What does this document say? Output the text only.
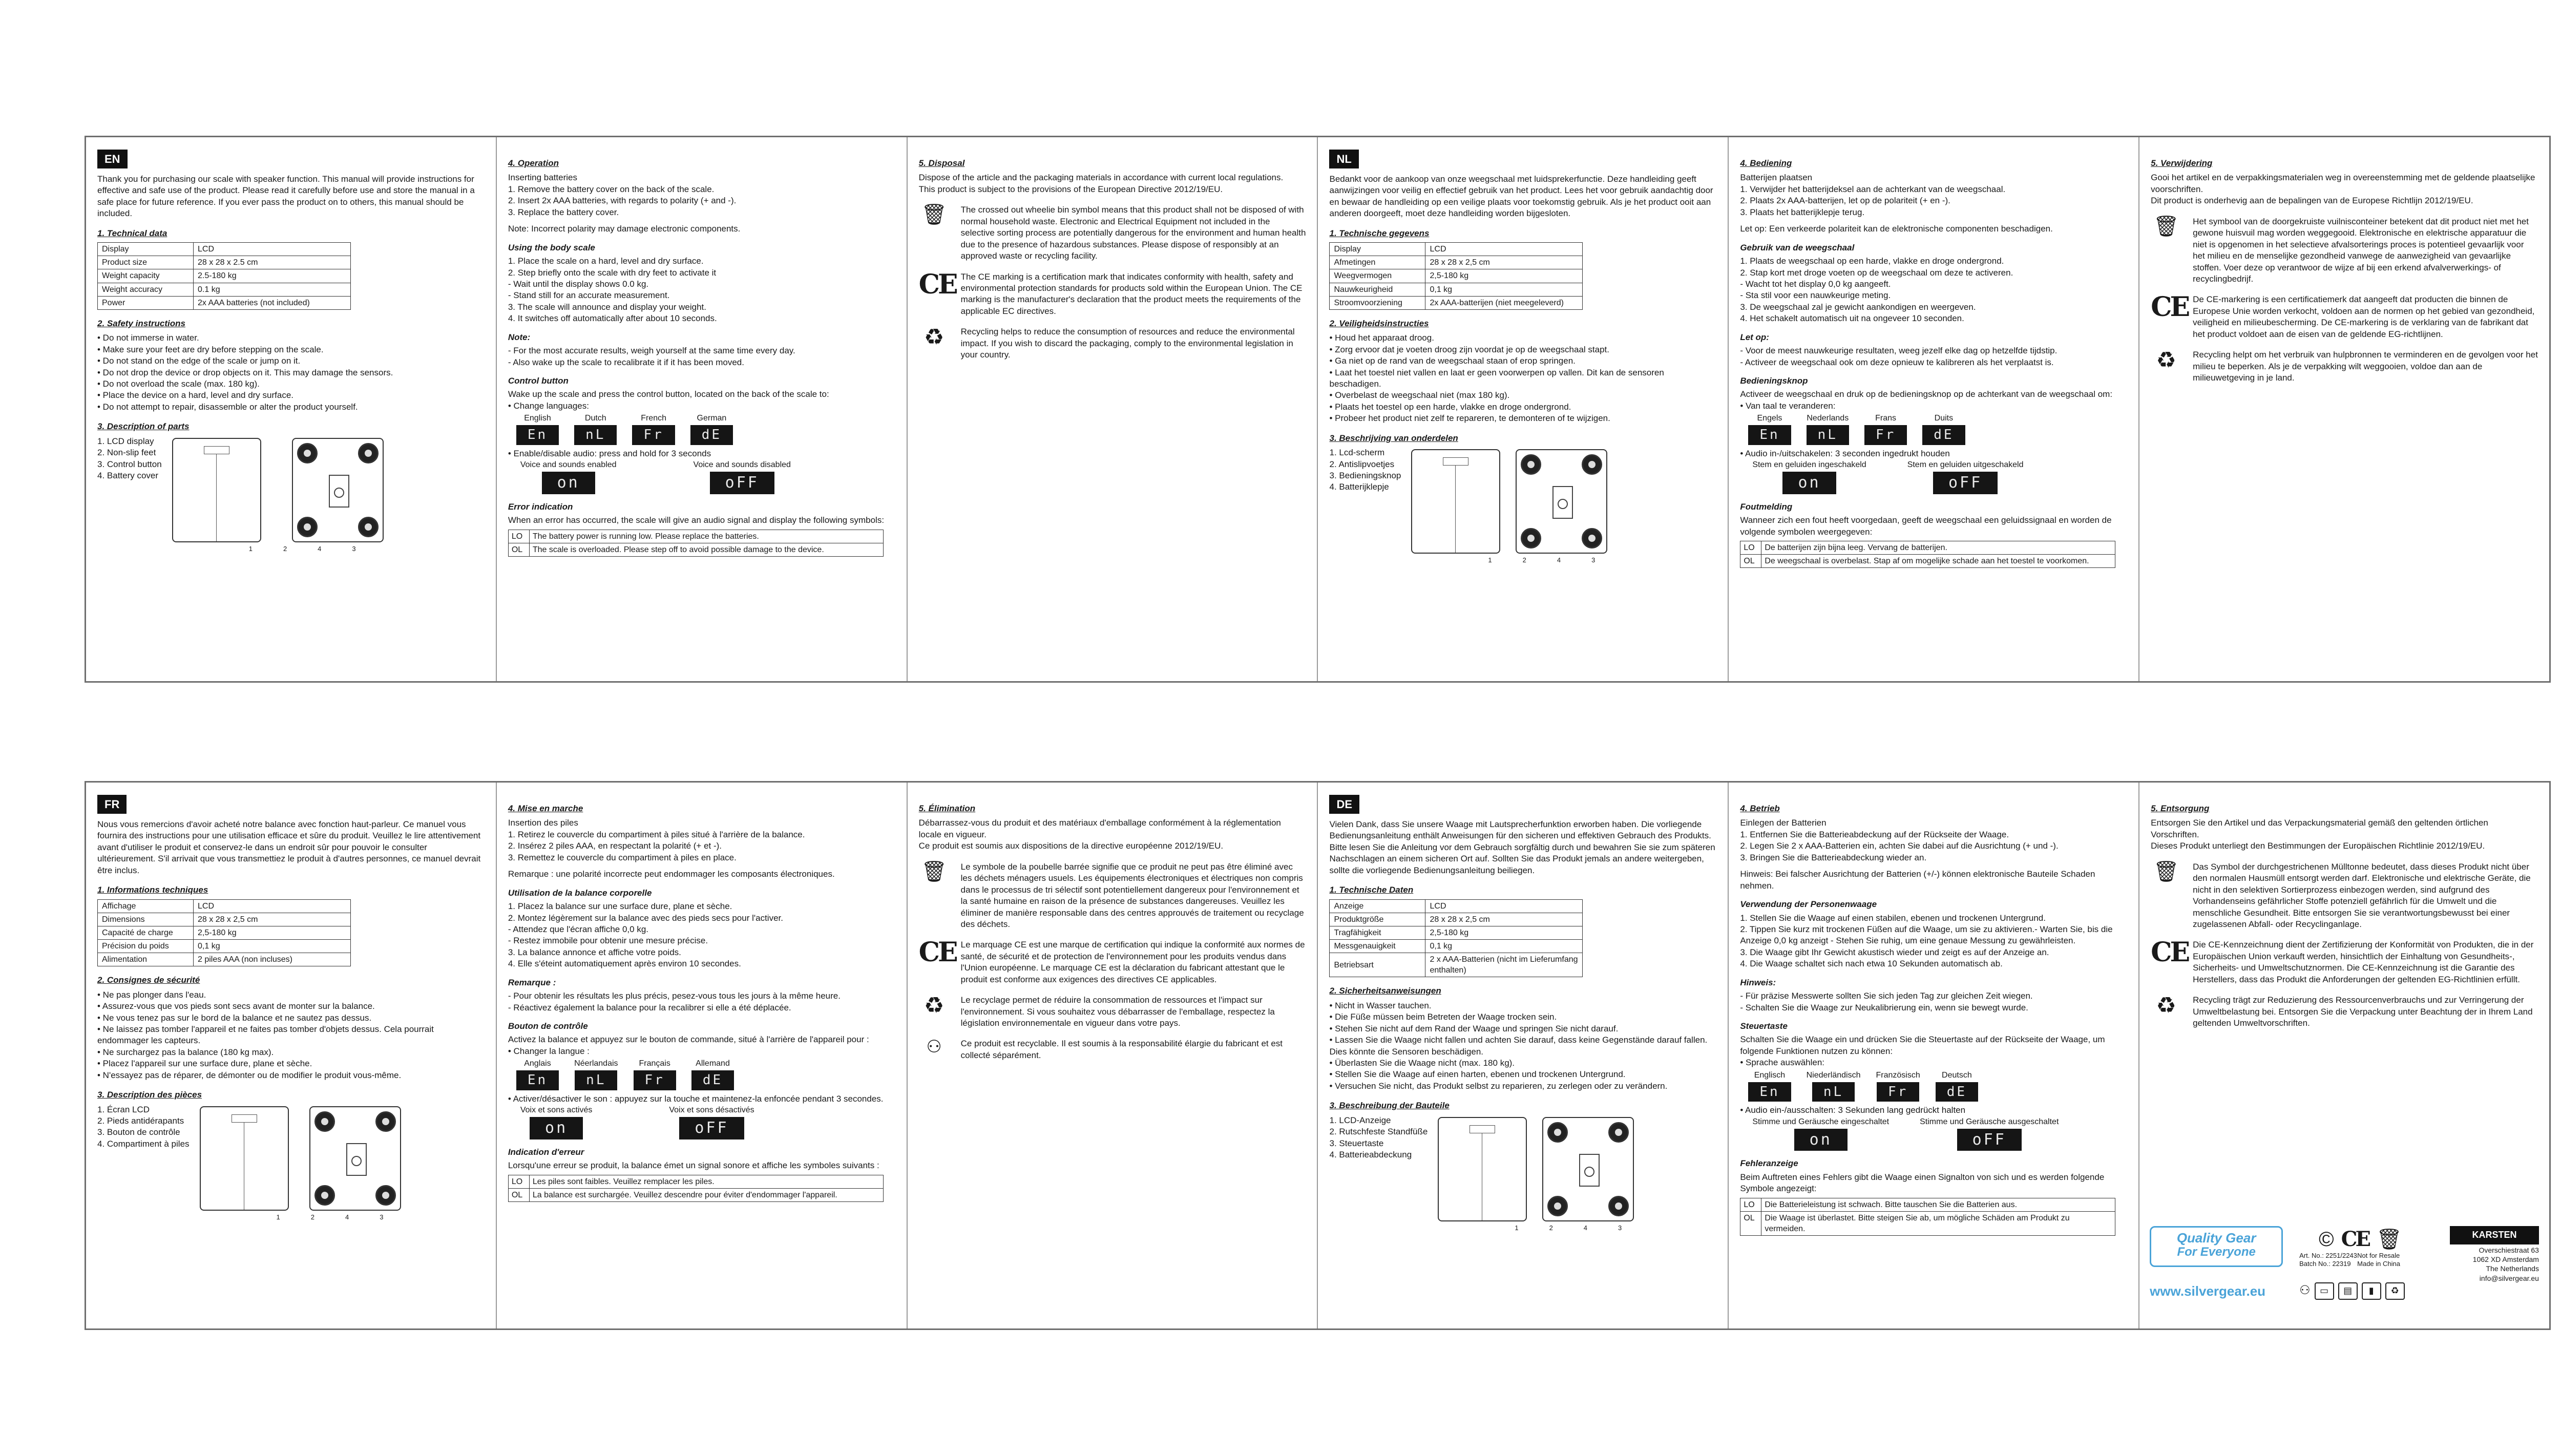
EN

Thank you for purchasing our scale with speaker function. This manual will provide instructions for effective and safe use of the product. Please read it carefully before use and store the manual in a safe place for future reference. If you ever pass the product on to others, this manual should be included.

1. Technical data
Display	LCD
Product size	28 x 28 x 2.5 cm
Weight capacity	2.5-180 kg
Weight accuracy	0.1 kg
Power	2x AAA batteries (not included)
2. Safety instructions
• Do not immerse in water.
• Make sure your feet are dry before stepping on the scale.
• Do not stand on the edge of the scale or jump on it.
• Do not drop the device or drop objects on it. This may damage the sensors.
• Do not overload the scale (max. 180 kg).
• Place the device on a hard, level and dry surface.
• Do not attempt to repair, disassemble or alter the product yourself.
3. Description of parts
1. LCD display
2. Non-slip feet
3. Control button
4. Battery cover
1	2	4	3
4. Operation
Inserting batteries
1. Remove the battery cover on the back of the scale.
2. Insert 2x AAA batteries, with regards to polarity (+ and -).
3. Replace the battery cover.

Note: Incorrect polarity may damage electronic components.

Using the body scale
1. Place the scale on a hard, level and dry surface.
2. Step briefly onto the scale with dry feet to activate it
- Wait until the display shows 0.0 kg.
- Stand still for an accurate measurement.
3. The scale will announce and display your weight.
4. It switches off automatically after about 10 seconds.
Note:
- For the most accurate results, weigh yourself at the same time every day.
- Also wake up the scale to recalibrate it if it has been moved.
Control button
Wake up the scale and press the control button, located on the back of the scale to:
• Change languages:
English
En
Dutch
nL
French
Fr
German
dE
• Enable/disable audio: press and hold for 3 seconds
Voice and sounds enabled
on
Voice and sounds disabled
oFF
Error indication
When an error has occurred, the scale will give an audio signal and display the following symbols:
LO	The battery power is running low. Please replace the batteries.
OL	The scale is overloaded. Please step off to avoid possible damage to the device.
5. Disposal
Dispose of the article and the packaging materials in accordance with current local regulations.
This product is subject to the provisions of the European Directive 2012/19/EU.
🗑 The crossed out wheelie bin symbol means that this product shall not be disposed of with normal household waste. Electronic and Electrical Equipment not included in the selective sorting process are potentially dangerous for the environment and human health due to the presence of hazardous substances. Please dispose of responsibly at an approved waste or recycling facility.
CE The CE marking is a certification mark that indicates conformity with health, safety and environmental protection standards for products sold within the European Union. The CE marking is the manufacturer's declaration that the product meets the requirements of the applicable EC directives.
♻	Recycling helps to reduce the consumption of resources and reduce the environmental impact. If you wish to discard the packaging, comply to the environmental legislation in your country.
NL

Bedankt voor de aankoop van onze weegschaal met luidsprekerfunctie. Deze handleiding geeft aanwijzingen voor veilig en effectief gebruik van het product. Lees het voor gebruik aandachtig door en bewaar de handleiding op een veilige plaats voor toekomstig gebruik. Als je het product ooit aan anderen doorgeeft, moet deze handleiding worden bijgesloten.

1. Technische gegevens
Display	LCD
Afmetingen	28 x 28 x 2,5 cm
Weegvermogen	2,5-180 kg
Nauwkeurigheid	0,1 kg
Stroomvoorziening	2x AAA-batterijen (niet meegeleverd)
2. Veiligheidsinstructies
• Houd het apparaat droog.
• Zorg ervoor dat je voeten droog zijn voordat je op de weegschaal stapt.
• Ga niet op de rand van de weegschaal staan of erop springen.
• Laat het toestel niet vallen en laat er geen voorwerpen op vallen. Dit kan de sensoren beschadigen.
• Overbelast de weegschaal niet (max 180 kg).
• Plaats het toestel op een harde, vlakke en droge ondergrond.
• Probeer het product niet zelf te repareren, te demonteren of te wijzigen.
3. Beschrijving van onderdelen
1. Lcd-scherm
2. Antislipvoetjes
3. Bedieningsknop
4. Batterijklepje
1	2	4	3
4. Bediening
Batterijen plaatsen
1. Verwijder het batterijdeksel aan de achterkant van de weegschaal.
2. Plaats 2x AAA-batterijen, let op de polariteit (+ en -).
3. Plaats het batterijklepje terug.

Let op: Een verkeerde polariteit kan de elektronische componenten beschadigen.

Gebruik van de weegschaal
1. Plaats de weegschaal op een harde, vlakke en droge ondergrond.
2. Stap kort met droge voeten op de weegschaal om deze te activeren.
- Wacht tot het display 0,0 kg aangeeft.
- Sta stil voor een nauwkeurige meting.
3. De weegschaal zal je gewicht aankondigen en weergeven.
4. Het schakelt automatisch uit na ongeveer 10 seconden.
Let op:
- Voor de meest nauwkeurige resultaten, weeg jezelf elke dag op hetzelfde tijdstip.
- Activeer de weegschaal ook om deze opnieuw te kalibreren als het verplaatst is.
Bedieningsknop
Activeer de weegschaal en druk op de bedieningsknop op de achterkant van de weegschaal om:
• Van taal te veranderen:
Engels
En
Nederlands
nL
Frans
Fr
Duits
dE
• Audio in-/uitschakelen: 3 seconden ingedrukt houden
Stem en geluiden ingeschakeld
on
Stem en geluiden uitgeschakeld
oFF
Foutmelding
Wanneer zich een fout heeft voorgedaan, geeft de weegschaal een geluidssignaal en worden de volgende symbolen weergegeven:
LO	De batterijen zijn bijna leeg. Vervang de batterijen.
OL	De weegschaal is overbelast. Stap af om mogelijke schade aan het toestel te voorkomen.
5. Verwijdering
Gooi het artikel en de verpakkingsmaterialen weg in overeenstemming met de geldende plaatselijke voorschriften.
Dit product is onderhevig aan de bepalingen van de Europese Richtlijn 2012/19/EU.
🗑 Het symbool van de doorgekruiste vuilnisconteiner betekent dat dit product niet met het gewone huisvuil mag worden weggegooid. Elektronische en elektrische apparatuur die niet is opgenomen in het selectieve afvalsorterings proces is potentieel gevaarlijk voor het milieu en de menselijke gezondheid vanwege de aanwezigheid van gevaarlijke stoffen. Voer deze op verantwoor de wijze af bij een erkend afvalverwerkings- of recyclingbedrijf.
CE De CE-markering is een certificatiemerk dat aangeeft dat producten die binnen de Europese Unie worden verkocht, voldoen aan de normen op het gebied van gezondheid, veiligheid en milieubescherming. De CE-markering is de verklaring van de fabrikant dat het product voldoet aan de eisen van de geldende EG-richtlijnen.
♻	Recycling helpt om het verbruik van hulpbronnen te verminderen en de gevolgen voor het milieu te beperken. Als je de verpakking wilt weggooien, voldoe dan aan de milieuwetgeving in je land.
FR

Nous vous remercions d'avoir acheté notre balance avec fonction haut-parleur. Ce manuel vous fournira des instructions pour une utilisation efficace et sûre du produit. Veuillez le lire attentivement avant d'utiliser le produit et conservez-le dans un endroit sûr pour pouvoir le consulter ultérieurement. S'il arrivait que vous transmettiez le produit à d'autres personnes, ce manuel devrait être inclus.

1. Informations techniques
Affichage	LCD
Dimensions	28 x 28 x 2,5 cm
Capacité de charge	2,5-180 kg
Précision du poids	0,1 kg
Alimentation	2 piles AAA (non incluses)
2. Consignes de sécurité
• Ne pas plonger dans l'eau.
• Assurez-vous que vos pieds sont secs avant de monter sur la balance.
• Ne vous tenez pas sur le bord de la balance et ne sautez pas dessus.
• Ne laissez pas tomber l'appareil et ne faites pas tomber d'objets dessus. Cela pourrait endommager les capteurs.
• Ne surchargez pas la balance (180 kg max).
• Placez l'appareil sur une surface dure, plane et sèche.
• N'essayez pas de réparer, de démonter ou de modifier le produit vous-même.
3. Description des pièces
1. Écran LCD
2. Pieds antidérapants
3. Bouton de contrôle
4. Compartiment à piles
1	2	4	3
4. Mise en marche
Insertion des piles
1. Retirez le couvercle du compartiment à piles situé à l'arrière de la balance.
2. Insérez 2 piles AAA, en respectant la polarité (+ et -).
3. Remettez le couvercle du compartiment à piles en place.

Remarque : une polarité incorrecte peut endommager les composants électroniques.

Utilisation de la balance corporelle
1. Placez la balance sur une surface dure, plane et sèche.
2. Montez légèrement sur la balance avec des pieds secs pour l'activer.
- Attendez que l'écran affiche 0,0 kg.
- Restez immobile pour obtenir une mesure précise.
3. La balance annonce et affiche votre poids.
4. Elle s'éteint automatiquement après environ 10 secondes.
Remarque :
- Pour obtenir les résultats les plus précis, pesez-vous tous les jours à la même heure.
- Réactivez également la balance pour la recalibrer si elle a été déplacée.
Bouton de contrôle
Activez la balance et appuyez sur le bouton de commande, situé à l'arrière de l'appareil pour :
• Changer la langue :
Anglais
En
Néerlandais
nL
Français
Fr
Allemand
dE
• Activer/désactiver le son : appuyez sur la touche et maintenez-la enfoncée pendant 3 secondes.
Voix et sons activés
on
Voix et sons désactivés
oFF
Indication d'erreur
Lorsqu'une erreur se produit, la balance émet un signal sonore et affiche les symboles suivants :
LO	Les piles sont faibles. Veuillez remplacer les piles.
OL	La balance est surchargée. Veuillez descendre pour éviter d'endommager l'appareil.
5. Élimination
Débarrassez-vous du produit et des matériaux d'emballage conformément à la réglementation locale en vigueur.
Ce produit est soumis aux dispositions de la directive européenne 2012/19/EU.
🗑 Le symbole de la poubelle barrée signifie que ce produit ne peut pas être éliminé avec les déchets ménagers usuels. Les équipements électroniques et électriques non compris dans le processus de tri sélectif sont potentiellement dangereux pour l'environnement et la santé humaine en raison de la présence de substances dangereuses. Veuillez les éliminer de manière responsable dans des centres approuvés de traitement ou recyclage des déchets.
CE Le marquage CE est une marque de certification qui indique la conformité aux normes de santé, de sécurité et de protection de l'environnement pour les produits vendus dans l'Union européenne. Le marquage CE est la déclaration du fabricant attestant que le produit est conforme aux exigences des directives CE applicables.
♻	Le recyclage permet de réduire la consommation de ressources et l'impact sur l'environnement. Si vous souhaitez vous débarrasser de l'emballage, respectez la législation environnementale en vigueur dans votre pays.
⚇	Ce produit est recyclable. Il est soumis à la responsabilité élargie du fabricant et est collecté séparément.
DE

Vielen Dank, dass Sie unsere Waage mit Lautsprecherfunktion erworben haben. Die vorliegende Bedienungsanleitung enthält Anweisungen für den sicheren und effektiven Gebrauch des Produkts. Bitte lesen Sie die Anleitung vor dem Gebrauch sorgfältig durch und bewahren Sie sie zum späteren Nachschlagen an einem sicheren Ort auf. Sollten Sie das Produkt jemals an andere weitergeben, sollte die vorliegende Bedienungsanleitung beiliegen.

1. Technische Daten
Anzeige	LCD
Produktgröße	28 x 28 x 2,5 cm
Tragfähigkeit	2,5-180 kg
Messgenauigkeit	0,1 kg
Betriebsart	2 x AAA-Batterien (nicht im Lieferumfang enthalten)
2. Sicherheitsanweisungen
• Nicht in Wasser tauchen.
• Die Füße müssen beim Betreten der Waage trocken sein.
• Stehen Sie nicht auf dem Rand der Waage und springen Sie nicht darauf.
• Lassen Sie die Waage nicht fallen und achten Sie darauf, dass keine Gegenstände darauf fallen. Dies könnte die Sensoren beschädigen.
• Überlasten Sie die Waage nicht (max. 180 kg).
• Stellen Sie die Waage auf einen harten, ebenen und trockenen Untergrund.
• Versuchen Sie nicht, das Produkt selbst zu reparieren, zu zerlegen oder zu verändern.
3. Beschreibung der Bauteile
1. LCD-Anzeige
2. Rutschfeste Standfüße
3. Steuertaste
4. Batterieabdeckung
1	2	4	3
4. Betrieb
Einlegen der Batterien
1. Entfernen Sie die Batterieabdeckung auf der Rückseite der Waage.
2. Legen Sie 2 x AAA-Batterien ein, achten Sie dabei auf die Ausrichtung (+ und -).
3. Bringen Sie die Batterieabdeckung wieder an.

Hinweis: Bei falscher Ausrichtung der Batterien (+/-) können elektronische Bauteile Schaden nehmen.

Verwendung der Personenwaage
1. Stellen Sie die Waage auf einen stabilen, ebenen und trockenen Untergrund.
2. Tippen Sie kurz mit trockenen Füßen auf die Waage, um sie zu aktivieren.- Warten Sie, bis die Anzeige 0,0 kg anzeigt - Stehen Sie ruhig, um eine genaue Messung zu gewährleisten.
3. Die Waage gibt Ihr Gewicht akustisch wieder und zeigt es auf der Anzeige an.
4. Die Waage schaltet sich nach etwa 10 Sekunden automatisch ab.
Hinweis:
- Für präzise Messwerte sollten Sie sich jeden Tag zur gleichen Zeit wiegen.
- Schalten Sie die Waage zur Neukalibrierung ein, wenn sie bewegt wurde.
Steuertaste
Schalten Sie die Waage ein und drücken Sie die Steuertaste auf der Rückseite der Waage, um folgende Funktionen nutzen zu können:
• Sprache auswählen:
Englisch
En
Niederländisch
nL
Französisch
Fr
Deutsch
dE
• Audio ein-/ausschalten: 3 Sekunden lang gedrückt halten
Stimme und Geräusche eingeschaltet
on
Stimme und Geräusche ausgeschaltet
oFF
Fehleranzeige
Beim Auftreten eines Fehlers gibt die Waage einen Signalton von sich und es werden folgende Symbole angezeigt:
LO	Die Batterieleistung ist schwach. Bitte tauschen Sie die Batterien aus.
OL	Die Waage ist überlastet. Bitte steigen Sie ab, um mögliche Schäden am Produkt zu vermeiden.
5. Entsorgung
Entsorgen Sie den Artikel und das Verpackungsmaterial gemäß den geltenden örtlichen Vorschriften.
Dieses Produkt unterliegt den Bestimmungen der Europäischen Richtlinie 2012/19/EU.
🗑 Das Symbol der durchgestrichenen Mülltonne bedeutet, dass dieses Produkt nicht über den normalen Hausmüll entsorgt werden darf. Elektronische und elektrische Geräte, die nicht in den selektiven Sortierprozess einbezogen werden, sind aufgrund des Vorhandenseins gefährlicher Stoffe potenziell gefährlich für die Umwelt und die menschliche Gesundheit. Bitte entsorgen Sie sie verantwortungsbewusst bei einer zugelassenen Abfall- oder Recyclinganlage.
CE Die CE-Kennzeichnung dient der Zertifizierung der Konformität von Produkten, die in der Europäischen Union verkauft werden, hinsichtlich der Einhaltung von Gesundheits-, Sicherheits- und Umweltschutznormen. Die CE-Kennzeichnung ist die Garantie des Herstellers, dass das Produkt die Anforderungen der geltenden EG-Richtlinien erfüllt.
♻	Recycling trägt zur Reduzierung des Ressourcenverbrauchs und zur Verringerung der Umweltbelastung bei. Entsorgen Sie die Verpackung unter Beachtung der in Ihrem Land geltenden Umweltvorschriften.
Quality Gear
For Everyone
www.silvergear.eu
© CE 🗑
Art. No.: 2251/2243
Batch No.: 22319
Not for Resale
Made in China
⚇	▭	▤	▮	♻
KARSTEN
Overschiestraat 63
1062 XD Amsterdam
The Netherlands
info@silvergear.eu
